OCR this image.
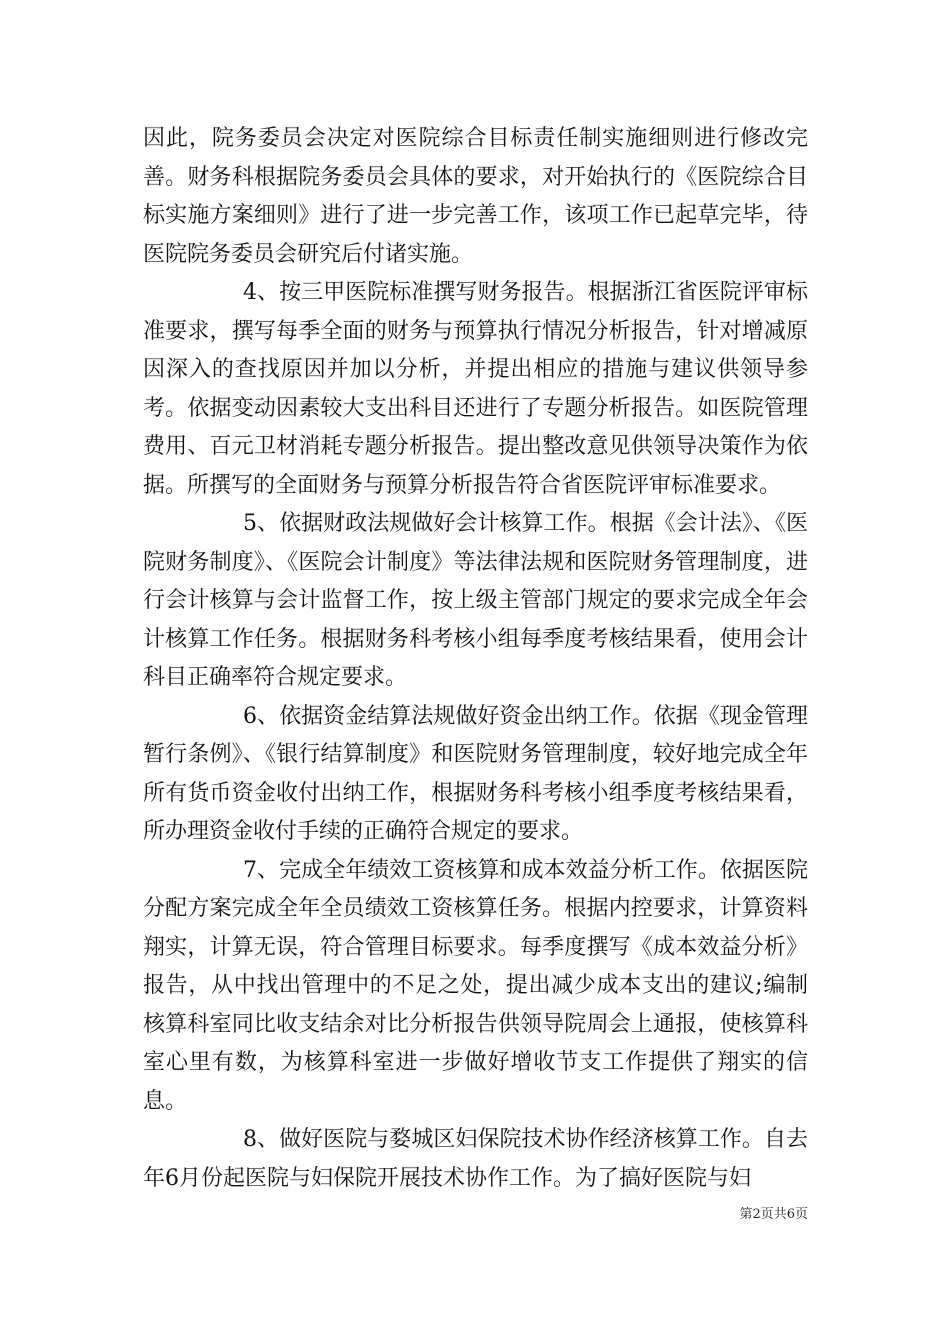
因此，院务委员会决定对医院综合目标责任制实施细则进行修改完善。财务科根据院务委员会具体的要求，对开始执行的《医院综合目标实施方案细则》进行了进一步完善工作，该项工作已起草完毕，待医院院务委员会研究后付诸实施。

4、按三甲医院标准撰写财务报告。根据浙江省医院评审标准要求，撰写每季全面的财务与预算执行情况分析报告，针对增减原因深入的查找原因并加以分析，并提出相应的措施与建议供领导参考。依据变动因素较大支出科目还进行了专题分析报告。如医院管理费用、百元卫材消耗专题分析报告。提出整改意见供领导决策作为依据。所撰写的全面财务与预算分析报告符合省医院评审标准要求。

5、依据财政法规做好会计核算工作。根据《会计法》、《医院财务制度》、《医院会计制度》等法律法规和医院财务管理制度，进行会计核算与会计监督工作，按上级主管部门规定的要求完成全年会计核算工作任务。根据财务科考核小组每季度考核结果看，使用会计科目正确率符合规定要求。

6、依据资金结算法规做好资金出纳工作。依据《现金管理暂行条例》、《银行结算制度》和医院财务管理制度，较好地完成全年所有货币资金收付出纳工作，根据财务科考核小组季度考核结果看，所办理资金收付手续的正确符合规定的要求。

7、完成全年绩效工资核算和成本效益分析工作。依据医院分配方案完成全年全员绩效工资核算任务。根据内控要求，计算资料翔实，计算无误，符合管理目标要求。每季度撰写《成本效益分析》报告，从中找出管理中的不足之处，提出减少成本支出的建议;编制核算科室同比收支结余对比分析报告供领导院周会上通报，使核算科室心里有数，为核算科室进一步做好增收节支工作提供了翔实的信息。

8、做好医院与婺城区妇保院技术协作经济核算工作。自去年6月份起医院与妇保院开展技术协作工作。为了搞好医院与妇

第2页共6页
